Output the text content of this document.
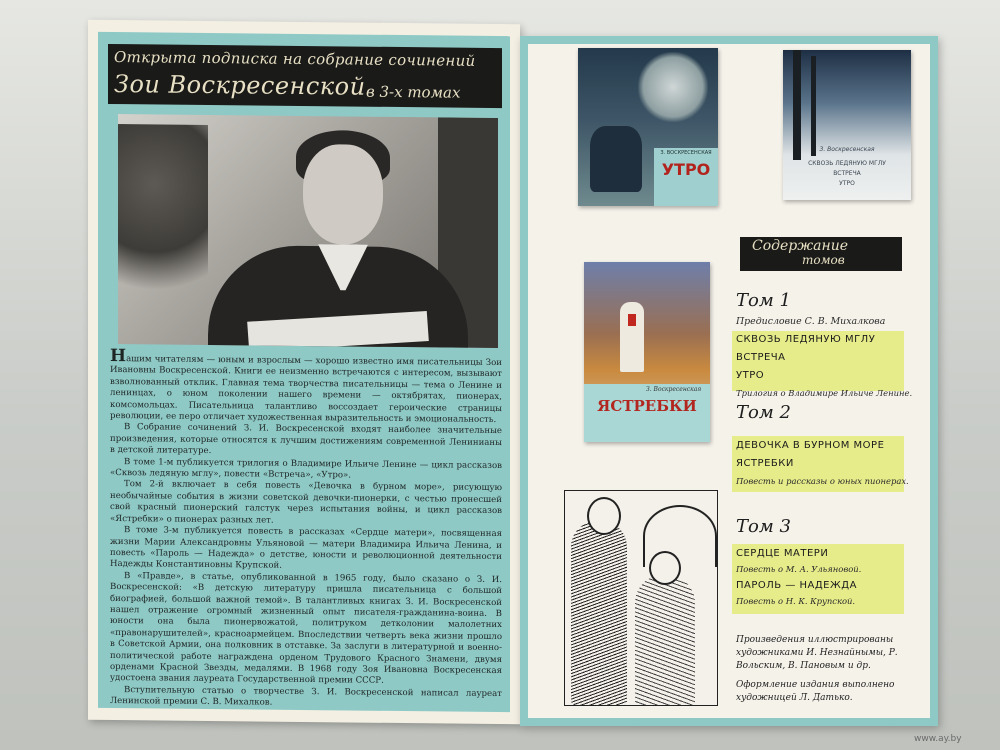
Открыта подписка на собрание сочинений
Зои Воскресенской в 3-х томах

Нашим читателям — юным и взрослым — хорошо известно имя писательницы Зои Ивановны Воскресенской. Книги ее неизменно встречаются с интересом, вызывают взволнованный отклик. Главная тема творчества писательницы — тема о Ленине и ленинцах, о юном поколении нашего времени — октябрятах, пионерах, комсомольцах. Писательница талантливо воссоздает героические страницы революции, ее перо отличает художественная выразительность и эмоциональность.

В Собрание сочинений З. И. Воскресенской входят наиболее значительные произведения, которые относятся к лучшим достижениям современной Ленинианы в детской литературе.

В томе 1-м публикуется трилогия о Владимире Ильиче Ленине — цикл рассказов «Сквозь ледяную мглу», повести «Встреча», «Утро».

Том 2-й включает в себя повесть «Девочка в бурном море», рисующую необычайные события в жизни советской девочки-пионерки, с честью пронесшей свой красный пионерский галстук через испытания войны, и цикл рассказов «Ястребки» о пионерах разных лет.

В томе 3-м публикуется повесть в рассказах «Сердце матери», посвященная жизни Марии Александровны Ульяновой — матери Владимира Ильича Ленина, и повесть «Пароль — Надежда» о детстве, юности и революционной деятельности Надежды Константиновны Крупской.

В «Правде», в статье, опубликованной в 1965 году, было сказано о З. И. Воскресенской: «В детскую литературу пришла писательница с большой биографией, большой важной темой». В талантливых книгах З. И. Воскресенской нашел отражение огромный жизненный опыт писателя-гражданина-воина. В юности она была пионервожатой, политруком детколонии малолетних «правонарушителей», красноармейцем. Впоследствии четверть века жизни прошло в Советской Армии, она полковник в отставке. За заслуги в литературной и военно-политической работе награждена орденом Трудового Красного Знамени, двумя орденами Красной Звезды, медалями. В 1968 году Зоя Ивановна Воскресенская удостоена звания лауреата Государственной премии СССР.

Вступительную статью о творчестве З. И. Воскресенской написал лауреат Ленинской премии С. В. Михалков.

З. ВОСКРЕСЕНСКАЯ
УТРО
З. Воскресенская
СКВОЗЬ ЛЕДЯНУЮ МГЛУ
ВСТРЕЧА
УТРО
З. Воскресенская
ЯСТРЕБКИ
Содержание
томов
Том 1
Предисловие С. В. Михалкова
СКВОЗЬ ЛЕДЯНУЮ МГЛУ
ВСТРЕЧА
УТРО
Трилогия о Владимире Ильиче Ленине.
Том 2
ДЕВОЧКА В БУРНОМ МОРЕ
ЯСТРЕБКИ
Повесть и рассказы о юных пионерах.
Том 3
СЕРДЦЕ МАТЕРИ
Повесть о М. А. Ульяновой.
ПАРОЛЬ — НАДЕЖДА
Повесть о Н. К. Крупской.

Произведения иллюстрированы художниками И. Незнайнымы, Р. Вольским, В. Пановым и др.

Оформление издания выполнено художницей Л. Датько.

www.ay.by
